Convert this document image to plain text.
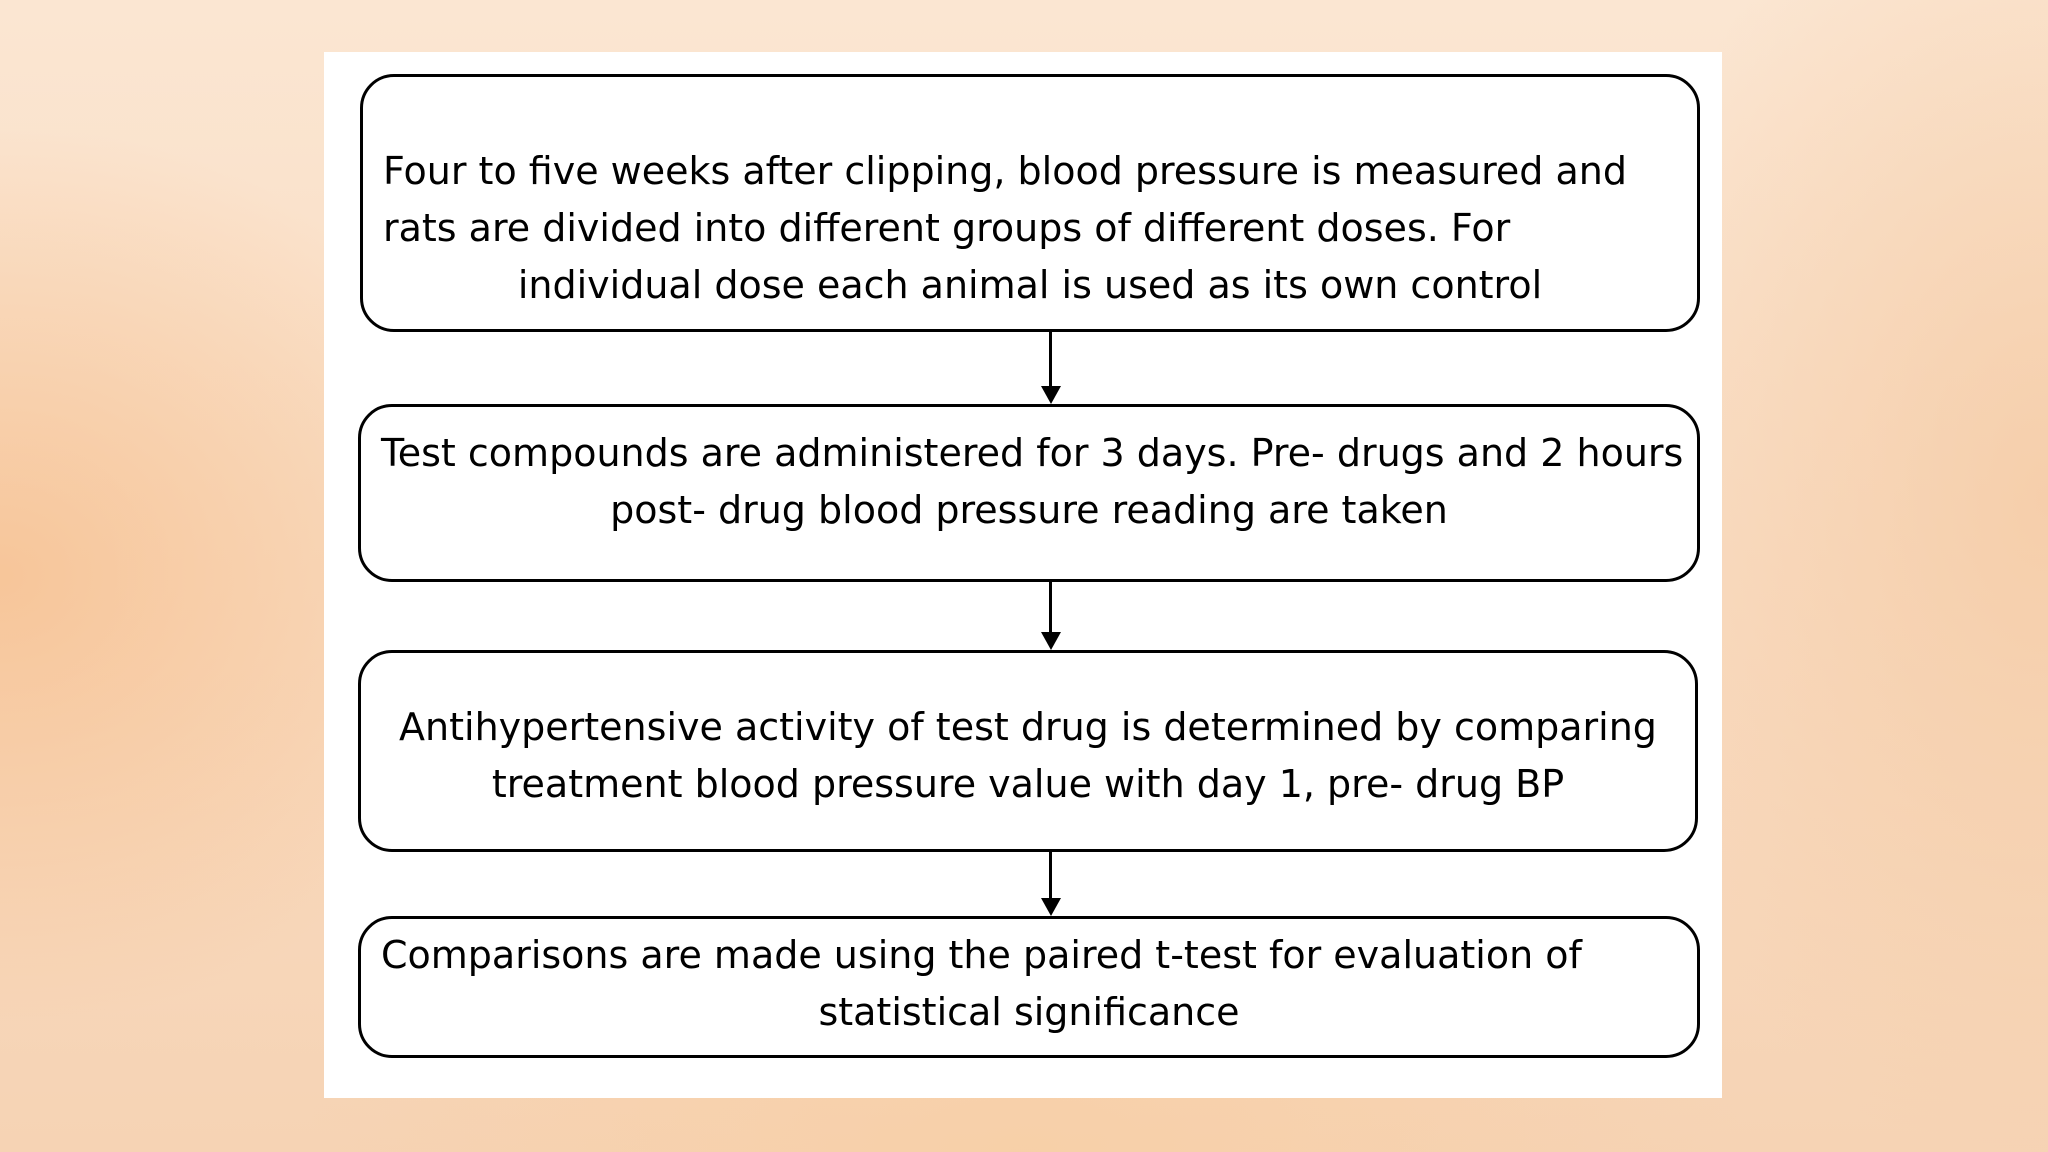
Four to five weeks after clipping, blood pressure is measured and
rats are divided into different groups of different doses. For
individual dose each animal is used as its own control
Test compounds are administered for 3 days. Pre- drugs and 2 hours
post- drug blood pressure reading are taken
Antihypertensive activity of test drug is determined by comparing
treatment blood pressure value with day 1, pre- drug BP
Comparisons are made using the paired t-test for evaluation of
statistical significance
